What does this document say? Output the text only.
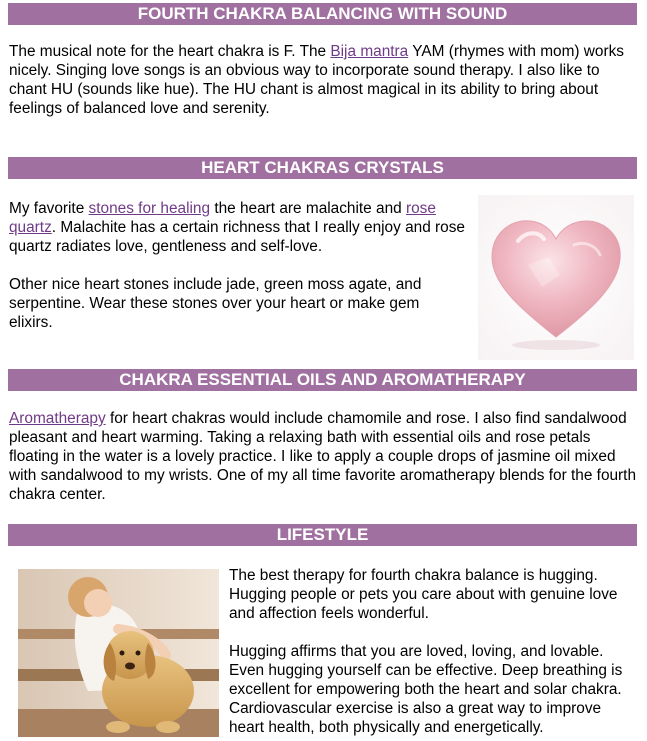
FOURTH CHAKRA BALANCING WITH SOUND

The musical note for the heart chakra is F. The Bija mantra YAM (rhymes with mom) works nicely. Singing love songs is an obvious way to incorporate sound therapy. I also like to chant HU (sounds like hue). The HU chant is almost magical in its ability to bring about feelings of balanced love and serenity.

HEART CHAKRAS CRYSTALS

My favorite stones for healing the heart are malachite and rose quartz. Malachite has a certain richness that I really enjoy and rose quartz radiates love, gentleness and self-love.

Other nice heart stones include jade, green moss agate, and serpentine. Wear these stones over your heart or make gem elixirs.

CHAKRA ESSENTIAL OILS AND AROMATHERAPY

Aromatherapy for heart chakras would include chamomile and rose. I also find sandalwood pleasant and heart warming. Taking a relaxing bath with essential oils and rose petals floating in the water is a lovely practice. I like to apply a couple drops of jasmine oil mixed with sandalwood to my wrists. One of my all time favorite aromatherapy blends for the fourth chakra center.

LIFESTYLE

The best therapy for fourth chakra balance is hugging. Hugging people or pets you care about with genuine love and affection feels wonderful.

Hugging affirms that you are loved, loving, and lovable. Even hugging yourself can be effective. Deep breathing is excellent for empowering both the heart and solar chakra. Cardiovascular exercise is also a great way to improve heart health, both physically and energetically.
